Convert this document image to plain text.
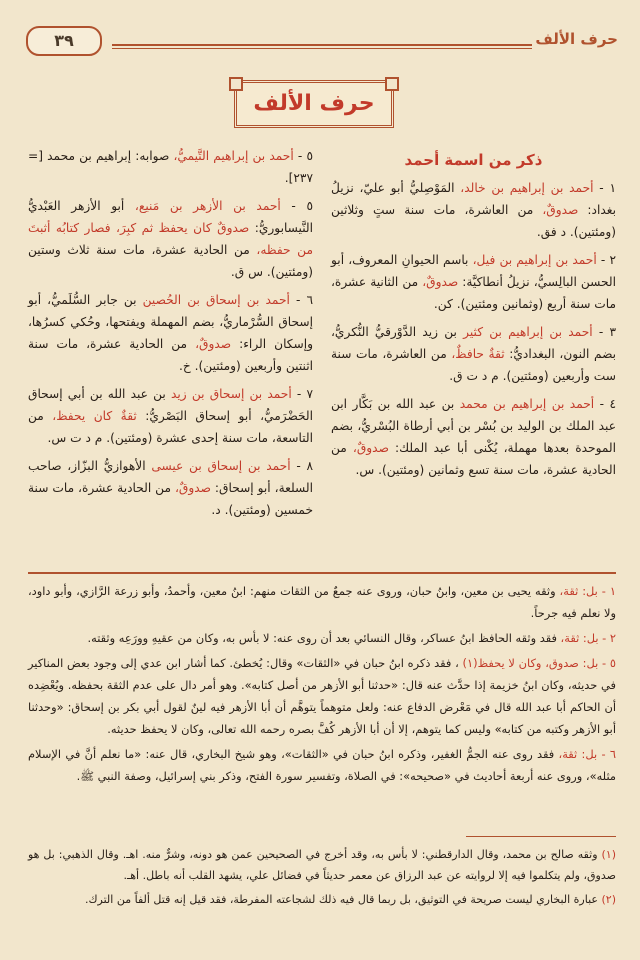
حرف الألف
٣٩
حرف الألف
ذكر من اسمة أحمد

١ - أحمد بن إبراهيم بن خالد، المَوْصِليُّ أبو عليّ، نزيلُ بغداد: صدوقٌ، من العاشرة، مات سنة ستٍ وثلاثين (ومئتين). د فق.

٢ - أحمد بن إبراهيم بن فيل، باسم الحيوانِ المعروف، أبو الحسن البالِسيُّ، نزيلُ أنطاكيَّة: صدوقٌ، من الثانية عشرة، مات سنة أربع (وثمانين ومئتين). كن.

٣ - أحمد بن إبراهيم بن كثير بن زيد الدَّوْرقيُّ النُّكريُّ، بضم النون، البغداديُّ: ثقةٌ حافظٌ، من العاشرة، مات سنة ست وأربعين (ومئتين). م د ت ق.

٤ - أحمد بن إبراهيم بن محمد بن عبد الله بن بَكَّار ابن عبد الملك بن الوليد بن بُسْر بن أبي أرطاة البُسْريُّ، بضم الموحدة بعدها مهملة، يُكْنى أبا عبد الملك: صدوقٌ، من الحادية عشرة، مات سنة تسع وثمانين (ومئتين). س.

٥ - أحمد بن إبراهيم التَّيميُّ، صوابه: إبراهيم بن محمد [= ٢٣٧].

٥ - أحمد بن الأزهر بن مَنيع، أبو الأزهر العَبْديُّ النَّيسابوريُّ: صدوقٌ كان يحفظ ثم كبِرَ، فصار كتابُه أثبتَ من حفظه، من الحادية عشرة، مات سنة ثلاث وستين (ومئتين). س ق.

٦ - أحمد بن إسحاق بن الحُصين بن جابر السُّلَميُّ، أبو إسحاق السُّرْماريُّ، بضم المهملة ويفتحها، وحُكي كسرُها، وإسكان الراء: صدوقٌ، من الحادية عشرة، مات سنة اثنتين وأربعين (ومئتين). خ.

٧ - أحمد بن إسحاق بن زيد بن عبد الله بن أبي إسحاق الحَضْرَميُّ، أبو إسحاق البَصْريُّ: ثقةٌ كان يحفظ، من التاسعة، مات سنة إحدى عشرة (ومئتين). م د ت س.

٨ - أحمد بن إسحاق بن عيسى الأهوازيُّ البزّاز، صاحب السلعة، أبو إسحاق: صدوقٌ، من الحادية عشرة، مات سنة خمسين (ومئتين). د.

١ - بل: ثقة، وثقه يحيى بن معين، وابنُ حبان، وروى عنه جمعٌ من الثقات منهم: ابنُ معين، وأحمدُ، وأبو زرعة الرَّازي، وأبو داود، ولا نعلم فيه جرحاً.

٢ - بل: ثقة، فقد وثقه الحافظ ابنُ عساكر، وقال النسائي بعد أن روى عنه: لا بأس به، وكان من عقيهِ وورَعِه وثقته.

٥ - بل: صدوق، وكان لا يحفظ(١) ، فقد ذكره ابنُ حبان في «الثقات» وقال: يُخطئ. كما أشار ابن عدي إلى وجود بعض المناكير في حديثه، وكان ابنُ خزيمة إذا حدَّث عنه قال: «حدثنا أبو الأزهر من أصل كتابه». وهو أمر دال على عدم الثقة بحفظه. ويُعْضِده أن الحاكم أبا عبد الله قال في مَعْرض الدفاع عنه: ولعل متوهماً يتوهَّم أن أبا الأزهر فيه لينٌ لقول أبي بكر بن إسحاق: «وحدثنا أبو الأزهر وكتبه من كتابه» وليس كما يتوهم، إلا أن أبا الأزهر كُفَّ بصره رحمه الله تعالى، وكان لا يحفظ حديثه.

٦ - بل: ثقة، فقد روى عنه الجمُّ الغفير، وذكره ابنُ حبان في «الثقات»، وهو شيخ البخاري، قال عنه: «ما نعلم أنَّ في الإسلام مثله»، وروى عنه أربعة أحاديث في «صحيحه»: في الصلاة، وتفسير سورة الفتح، وذكر بني إسرائيل، وصفة النبي ﷺ.

(١) وثقه صالح بن محمد، وقال الدارقطني: لا بأس به، وقد أخرج في الصحيحين عمن هو دونه، وشرٌّ منه. اهـ. وقال الذهبي: بل هو صدوق، ولم يتكلموا فيه إلا لروايته عن عبد الرزاق عن معمر حديثاً في فضائل علي، يشهد القلب أنه باطل. أهـ.

(٢) عبارة البخاري ليست صريحة في التوثيق، بل ربما قال فيه ذلك لشجاعته المفرطة، فقد قيل إنه قتل ألفاً من الترك.
